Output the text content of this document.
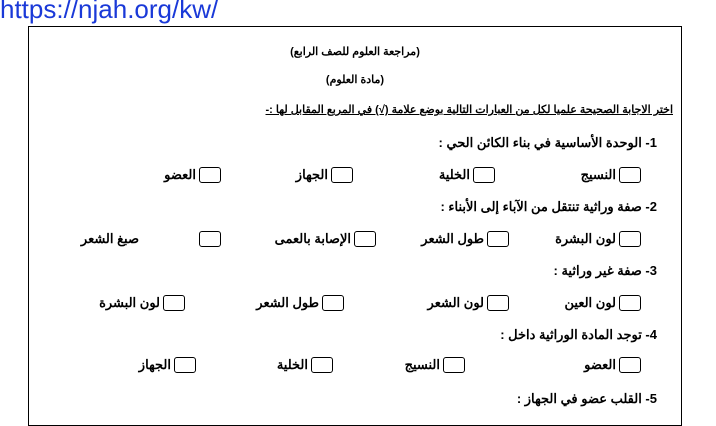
https://njah.org/kw/
(مراجعة العلوم للصف الرابع)
(مادة العلوم)
اختر الاجابة الصحيحة علميا لكل من العبارات التالية بوضع علامة (√) في المربع المقابل لها :-
1- الوحدة الأساسية في بناء الكائن الحي :
النسيج
الخلية
الجهاز
العضو
2- صفة وراثية تنتقل من الآباء إلى الأبناء :
لون البشرة
طول الشعر
الإصابة بالعمى
صبغ الشعر
3- صفة غير وراثية :
لون العين
لون الشعر
طول الشعر
لون البشرة
4- توجد المادة الوراثية داخل :
العضو
النسيج
الخلية
الجهاز
5- القلب عضو في الجهاز :
